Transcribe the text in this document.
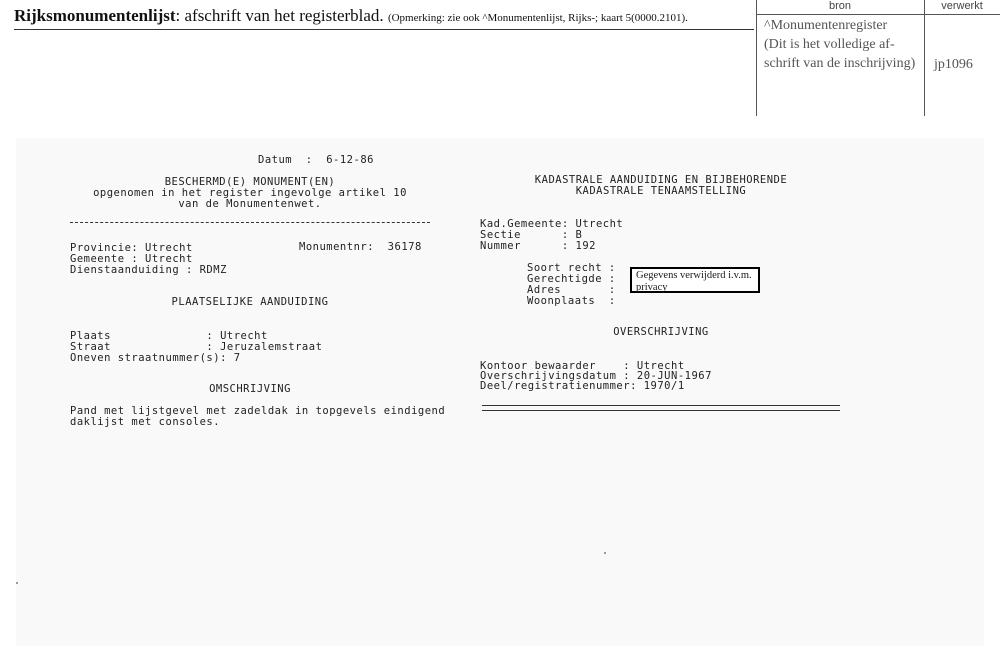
Rijksmonumentenlijst: afschrift van het registerblad. (Opmerking: zie ook ^Monumentenlijst, Rijks-; kaart 5(0000.2101).
bron	verwerkt
^Monumentenregister
(Dit is het volledige af-
schrift van de inschrijving) jp1096
Datum  :  6-12-86
BESCHERMD(E) MONUMENT(EN)
opgenomen in het register ingevolge artikel 10
van de Monumentenwet.
Provincie: Utrecht	Monumentnr:  36178
Gemeente : Utrecht
Dienstaanduiding : RDMZ
PLAATSELIJKE AANDUIDING
Plaats              : Utrecht
Straat              : Jeruzalemstraat
Oneven straatnummer(s): 7
OMSCHRIJVING
Pand met lijstgevel met zadeldak in topgevels eindigend
daklijst met consoles.
KADASTRALE AANDUIDING EN BIJBEHORENDE
KADASTRALE TENAAMSTELLING
Kad.Gemeente: Utrecht
Sectie      : B
Nummer      : 192
Soort recht :
Gerechtigde :
Adres       :
Woonplaats  :
Gegevens verwijderd i.v.m. privacy
OVERSCHRIJVING
Kontoor bewaarder    : Utrecht
Overschrijvingsdatum : 20-JUN-1967
Deel/registratienummer: 1970/1
